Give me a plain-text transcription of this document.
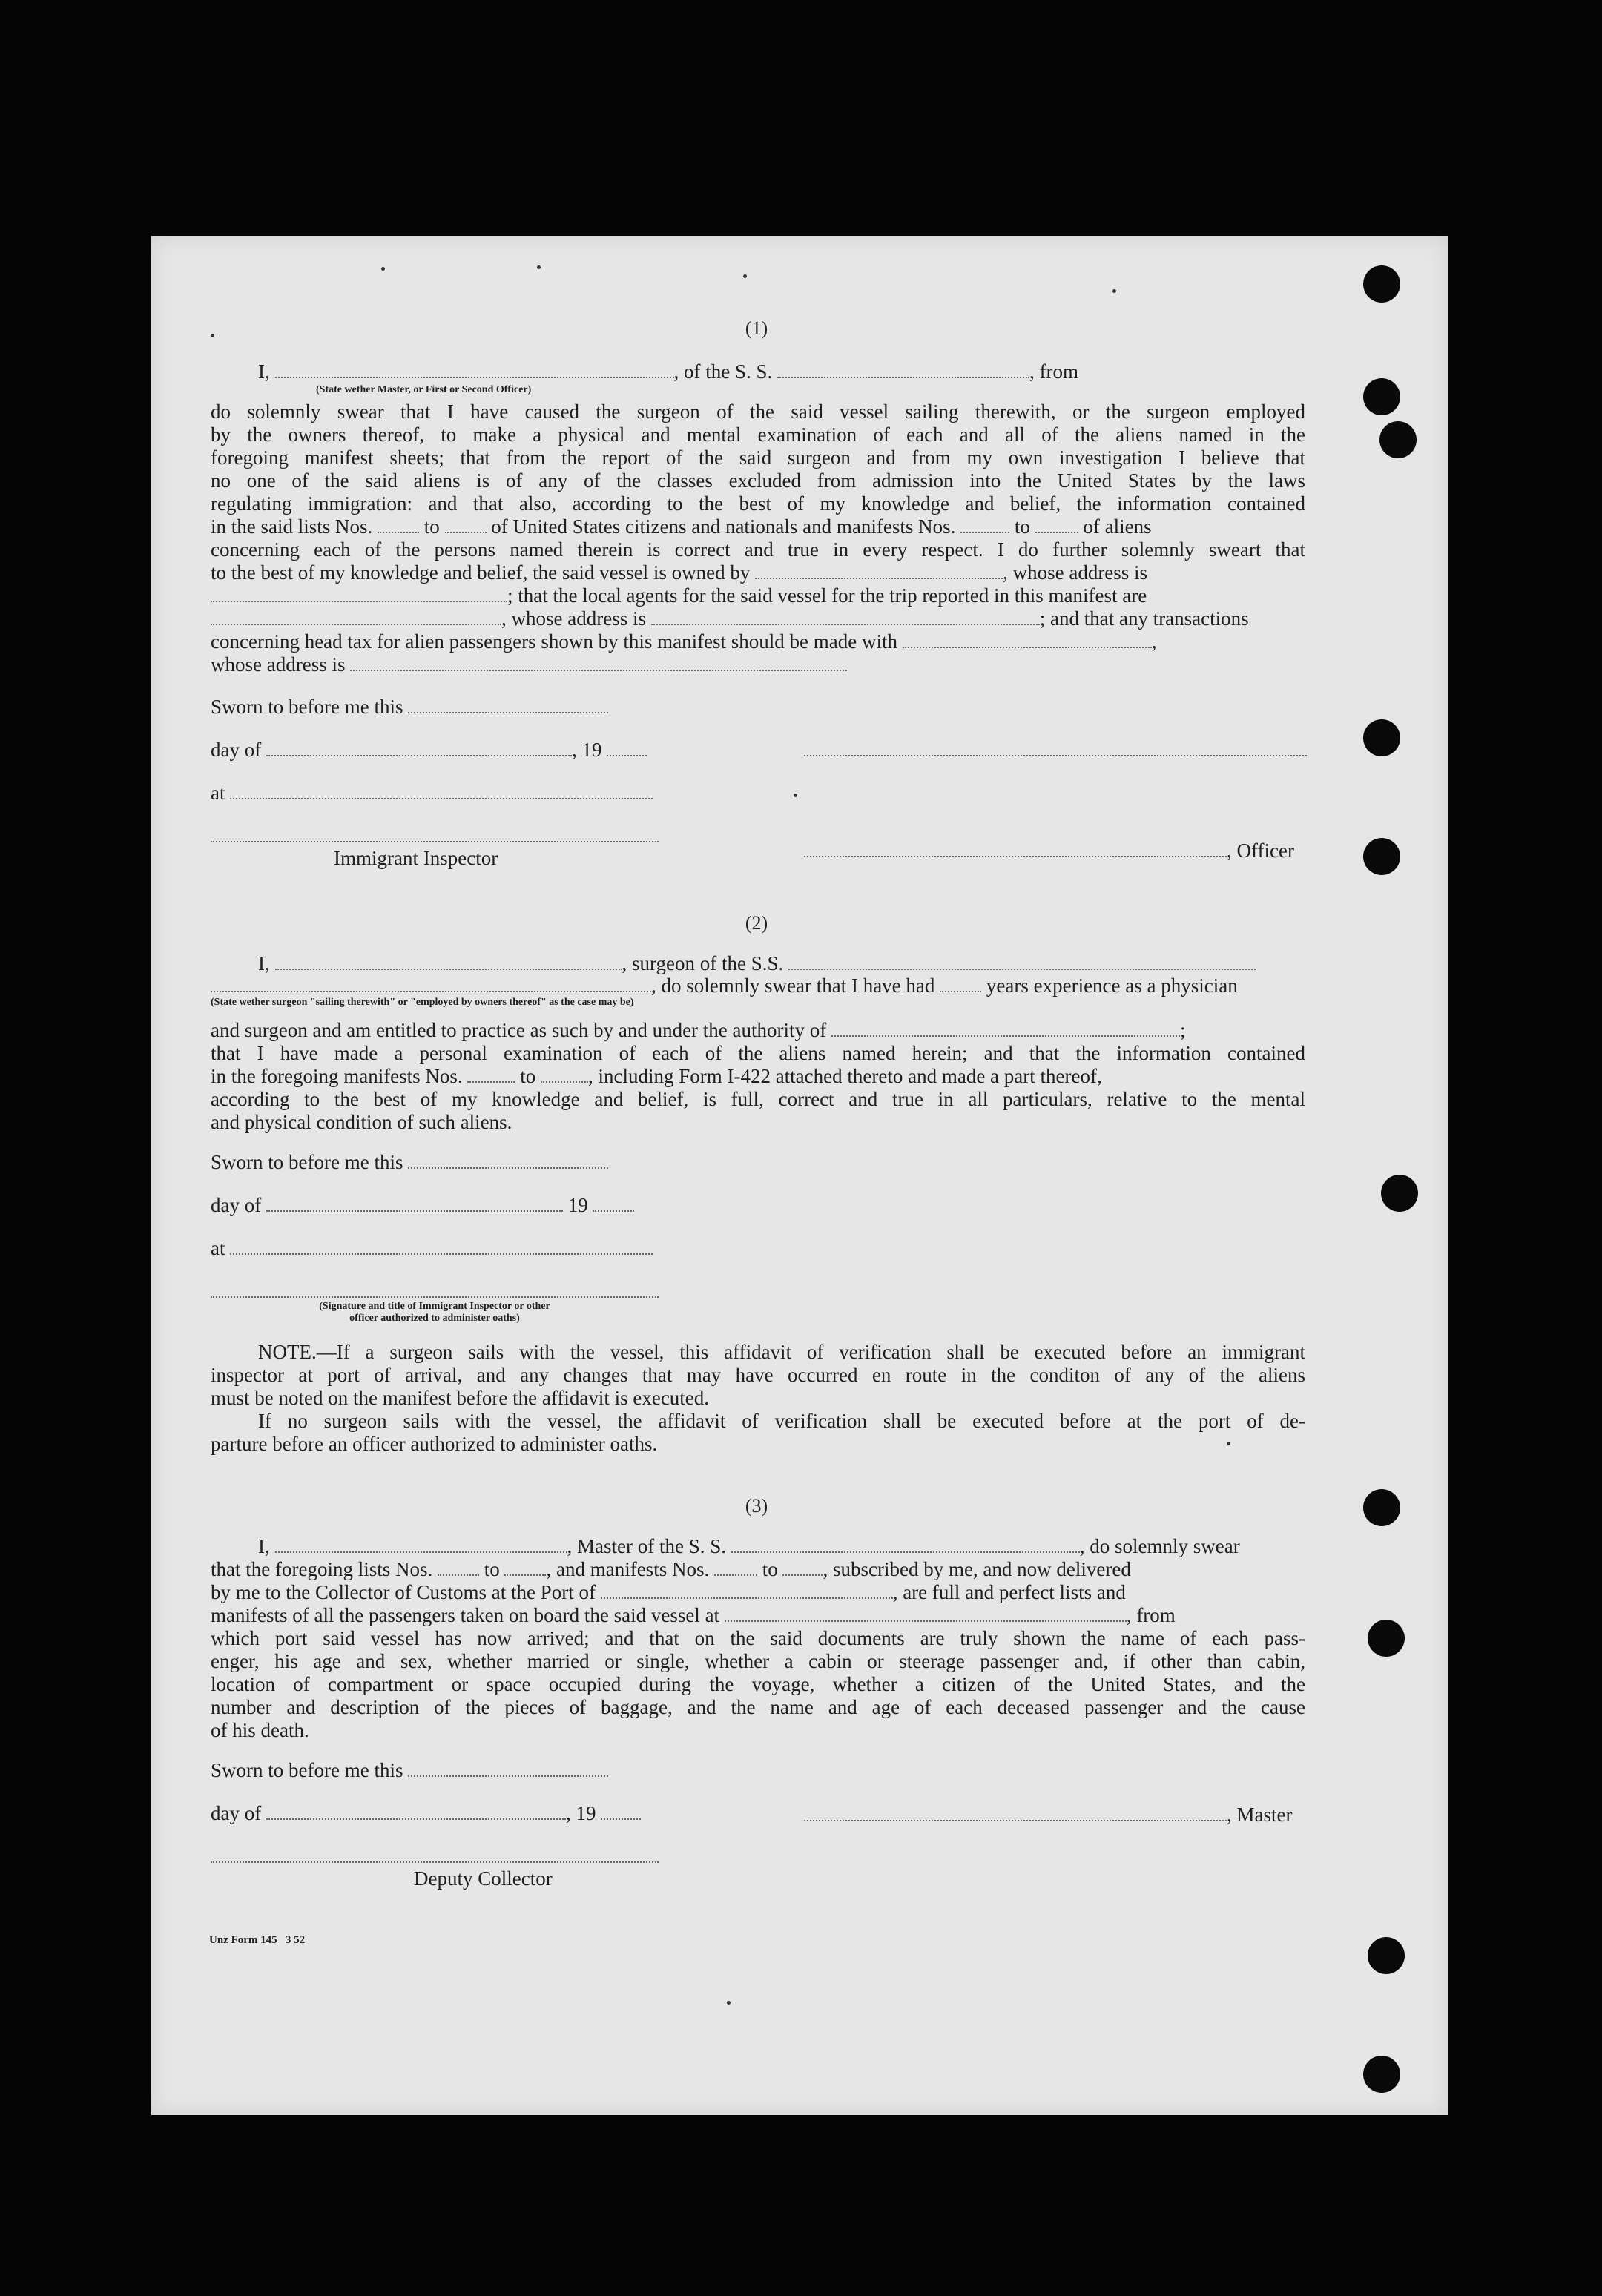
(1)
I,	, of the S. S.	, from
(State wether Master, or First or Second Officer)
do solemnly swear that I have caused the surgeon of the said vessel sailing therewith, or the surgeon employed
by the owners thereof, to make a physical and mental examination of each and all of the aliens named in the
foregoing manifest sheets; that from the report of the said surgeon and from my own investigation I believe that
no one of the said aliens is of any of the classes excluded from admission into the United States by the laws
regulating immigration: and that also, according to the best of my knowledge and belief, the information contained
in the said lists Nos.	to	of United States citizens and nationals and manifests Nos.	to	of aliens
concerning each of the persons named therein is correct and true in every respect. I do further solemnly sweart that
to the best of my knowledge and belief, the said vessel is owned by	, whose address is
; that the local agents for the said vessel for the trip reported in this manifest are
, whose address is	; and that any transactions
concerning head tax for alien passengers shown by this manifest should be made with	,
whose address is
Sworn to before me this
day of	, 19
at
Immigrant Inspector	, Officer
(2)
I,	, surgeon of the S.S.
, do solemnly swear that I have had	years experience as a physician
(State wether surgeon "sailing therewith" or "employed by owners thereof" as the case may be)
and surgeon and am entitled to practice as such by and under the authority of	;
that I have made a personal examination of each of the aliens named herein; and that the information contained
in the foregoing manifests Nos.	to	, including Form I-422 attached thereto and made a part thereof,
according to the best of my knowledge and belief, is full, correct and true in all particulars, relative to the mental
and physical condition of such aliens.
Sworn to before me this
day of	19
at
(Signature and title of Immigrant Inspector or other
officer authorized to administer oaths)
NOTE.—If a surgeon sails with the vessel, this affidavit of verification shall be executed before an immigrant
inspector at port of arrival, and any changes that may have occurred en route in the conditon of any of the aliens
must be noted on the manifest before the affidavit is executed.
If no surgeon sails with the vessel, the affidavit of verification shall be executed before at the port of de-
parture before an officer authorized to administer oaths.
(3)
I,	, Master of the S. S.	, do solemnly swear
that the foregoing lists Nos.	to , and manifests Nos.	to , subscribed by me, and now delivered
by me to the Collector of Customs at the Port of	, are full and perfect lists and
manifests of all the passengers taken on board the said vessel at	, from
which port said vessel has now arrived; and that on the said documents are truly shown the name of each pass-
enger, his age and sex, whether married or single, whether a cabin or steerage passenger and, if other than cabin,
location of compartment or space occupied during the voyage, whether a citizen of the United States, and the
number and description of the pieces of baggage, and the name and age of each deceased passenger and the cause
of his death.
Sworn to before me this
day of	, 19	, Master
Deputy Collector
Unz Form 145   3 52
